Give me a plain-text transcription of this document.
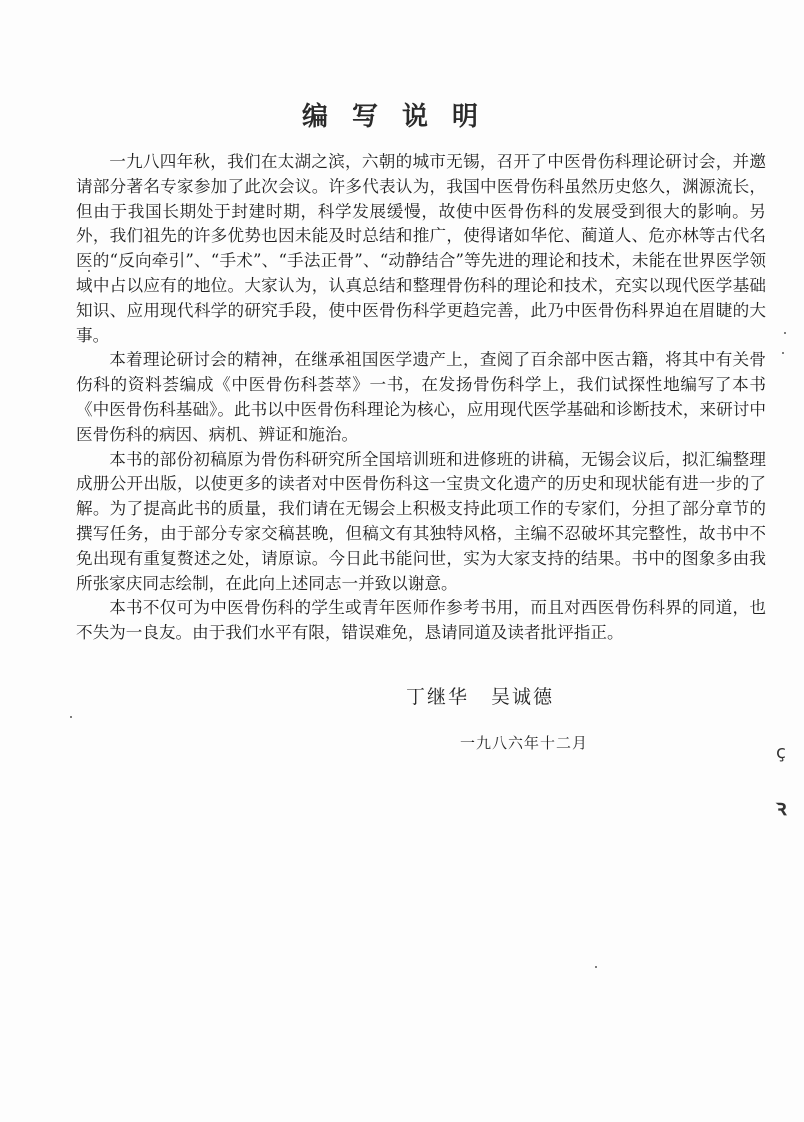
编写说明

一九八四年秋，我们在太湖之滨，六朝的城市无锡，召开了中医骨伤科理论研讨会，并邀请部分著名专家参加了此次会议。许多代表认为，我国中医骨伤科虽然历史悠久，渊源流长，但由于我国长期处于封建时期，科学发展缓慢，故使中医骨伤科的发展受到很大的影响。另外，我们祖先的许多优势也因未能及时总结和推广，使得诸如华佗、蔺道人、危亦林等古代名医的“反向牵引”、“手术”、“手法正骨”、“动静结合”等先进的理论和技术，未能在世界医学领域中占以应有的地位。大家认为，认真总结和整理骨伤科的理论和技术，充实以现代医学基础知识、应用现代科学的研究手段，使中医骨伤科学更趋完善，此乃中医骨伤科界迫在眉睫的大事。

本着理论研讨会的精神，在继承祖国医学遗产上，查阅了百余部中医古籍，将其中有关骨伤科的资料荟编成《中医骨伤科荟萃》一书，在发扬骨伤科学上，我们试探性地编写了本书《中医骨伤科基础》。此书以中医骨伤科理论为核心，应用现代医学基础和诊断技术，来研讨中医骨伤科的病因、病机、辨证和施治。

本书的部份初稿原为骨伤科研究所全国培训班和进修班的讲稿，无锡会议后，拟汇编整理成册公开出版，以使更多的读者对中医骨伤科这一宝贵文化遗产的历史和现状能有进一步的了解。为了提高此书的质量，我们请在无锡会上积极支持此项工作的专家们，分担了部分章节的撰写任务，由于部分专家交稿甚晚，但稿文有其独特风格，主编不忍破坏其完整性，故书中不免出现有重复赘述之处，请原谅。今日此书能问世，实为大家支持的结果。书中的图象多由我所张家庆同志绘制，在此向上述同志一并致以谢意。

本书不仅可为中医骨伤科的学生或青年医师作参考书用，而且对西医骨伤科界的同道，也不失为一良友。由于我们水平有限，错误难免，恳请同道及读者批评指正。

丁继华 吴诚德
一九八六年十二月	ç
ꝛ
